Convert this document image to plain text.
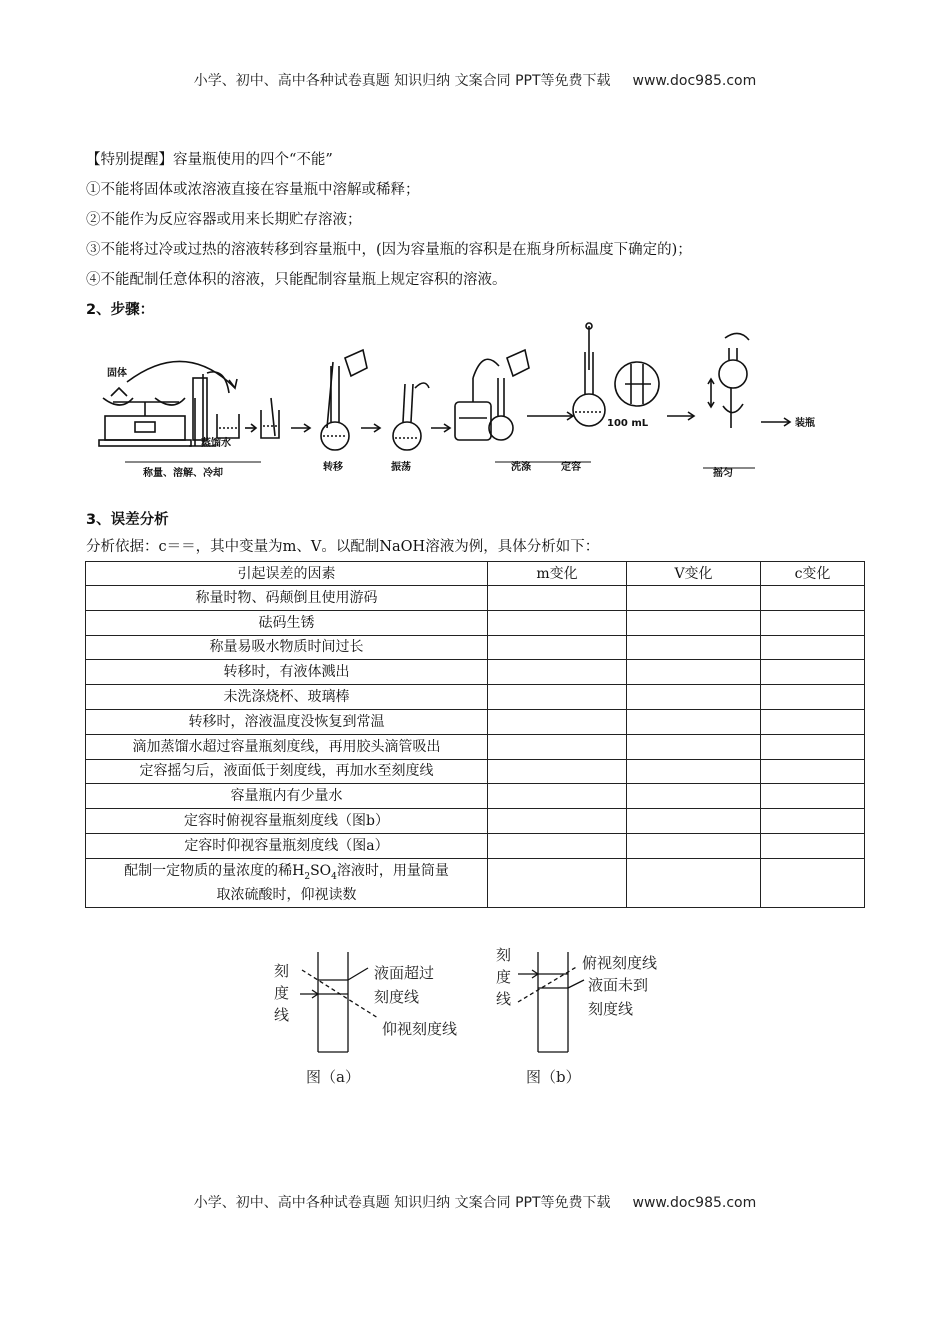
小学、初中、高中各种试卷真题 知识归纳 文案合同 PPT等免费下载 www.doc985.com
【特别提醒】容量瓶使用的四个“不能”
①不能将固体或浓溶液直接在容量瓶中溶解或稀释；
②不能作为反应容器或用来长期贮存溶液；
③不能将过冷或过热的溶液转移到容量瓶中，(因为容量瓶的容积是在瓶身所标温度下确定的)；
④不能配制任意体积的溶液，只能配制容量瓶上规定容积的溶液。
2、步骤：
固体
蒸馏水
称量、溶解、冷却
转移	振荡	洗涤	定容
100 mL
摇匀
装瓶
3、误差分析
分析依据：c＝＝，其中变量为m、V。以配制NaOH溶液为例，具体分析如下：
引起误差的因素	m变化	V变化	c变化
称量时物、码颠倒且使用游码			
砝码生锈			
称量易吸水物质时间过长			
转移时，有液体溅出			
未洗涤烧杯、玻璃棒			
转移时，溶液温度没恢复到常温			
滴加蒸馏水超过容量瓶刻度线，再用胶头滴管吸出			
定容摇匀后，液面低于刻度线，再加水至刻度线			
容量瓶内有少量水			
定容时俯视容量瓶刻度线（图b）			
定容时仰视容量瓶刻度线（图a）			
配制一定物质的量浓度的稀$H_2SO_4$溶液时，用量筒量
取浓硫酸时，仰视读数			
刻
度
线
液面超过
刻度线
仰视刻度线
图（a）
刻
度
线
俯视刻度线
液面未到
刻度线
图（b）
小学、初中、高中各种试卷真题 知识归纳 文案合同 PPT等免费下载 www.doc985.com
